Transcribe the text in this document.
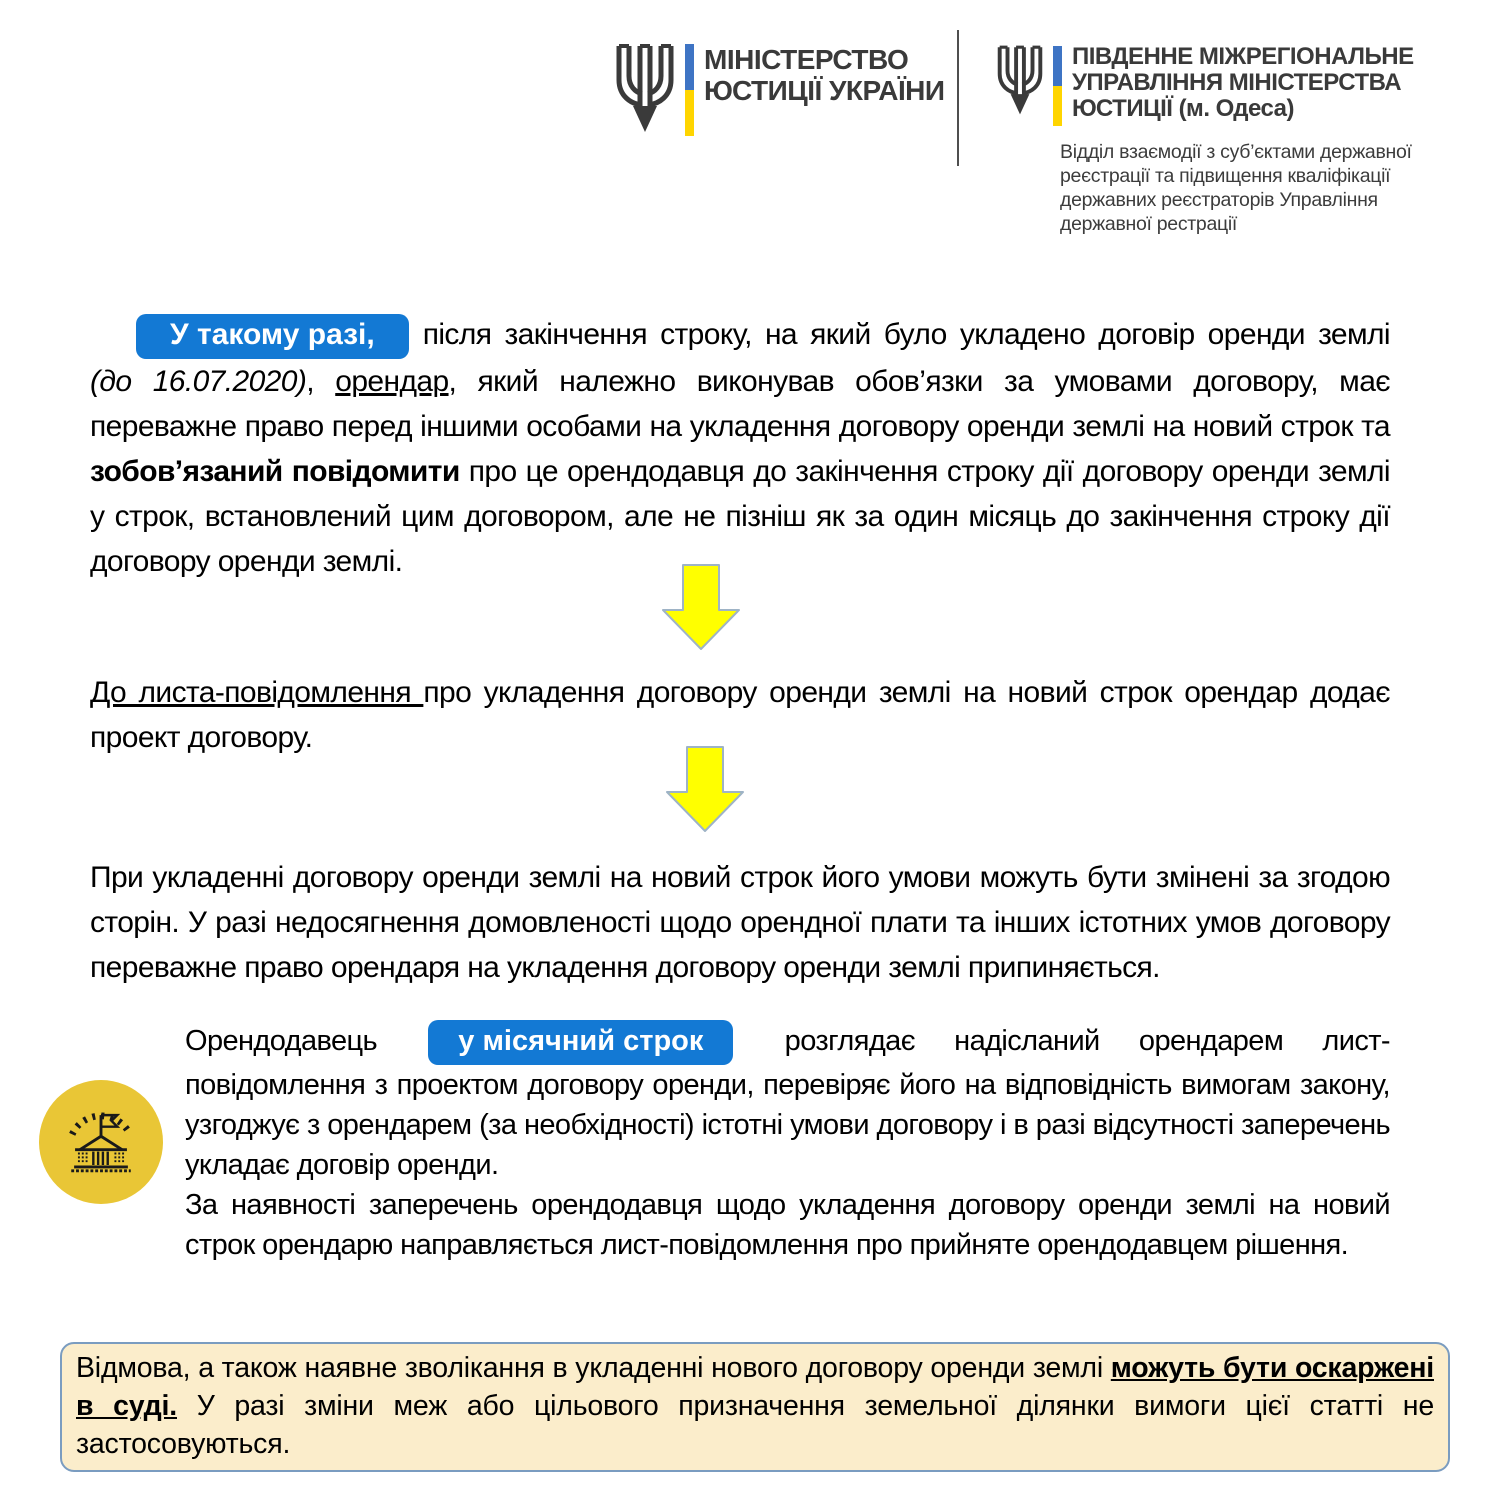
МІНІСТЕРСТВО
ЮСТИЦІЇ УКРАЇНИ
ПІВДЕННЕ МІЖРЕГІОНАЛЬНЕ
УПРАВЛІННЯ МІНІСТЕРСТВА
ЮСТИЦІЇ (м. Одеса)
Відділ взаємодії з суб’єктами державної реєстрації та підвищення кваліфікації державних реєстраторів Управління державної рестрації

У такому разі, після закінчення строку, на який було укладено договір оренди землі (до 16.07.2020), орендар, який належно виконував обов’язки за умовами договору, має переважне право перед іншими особами на укладення договору оренди землі на новий строк та зобов’язаний повідомити про це орендодавця до закінчення строку дії договору оренди землі у строк, встановлений цим договором, але не пізніш як за один місяць до закінчення строку дії договору оренди землі.

До листа-повідомлення про укладення договору оренди землі на новий строк орендар додає проект договору.

При укладенні договору оренди землі на новий строк його умови можуть бути змінені за згодою сторін. У разі недосягнення домовленості щодо орендної плати та інших істотних умов договору переважне право орендаря на укладення договору оренди землі припиняється.

Орендодавець у місячний строк розглядає надісланий орендарем лист-повідомлення з проектом договору оренди, перевіряє його на відповідність вимогам закону, узгоджує з орендарем (за необхідності) істотні умови договору і в разі відсутності заперечень укладає договір оренди.

За наявності заперечень орендодавця щодо укладення договору оренди землі на новий строк орендарю направляється лист-повідомлення про прийняте орендодавцем рішення.

Відмова, а також наявне зволікання в укладенні нового договору оренди землі можуть бути оскаржені в суді. У разі зміни меж або цільового призначення земельної ділянки вимоги цієї статті не застосовуються.
